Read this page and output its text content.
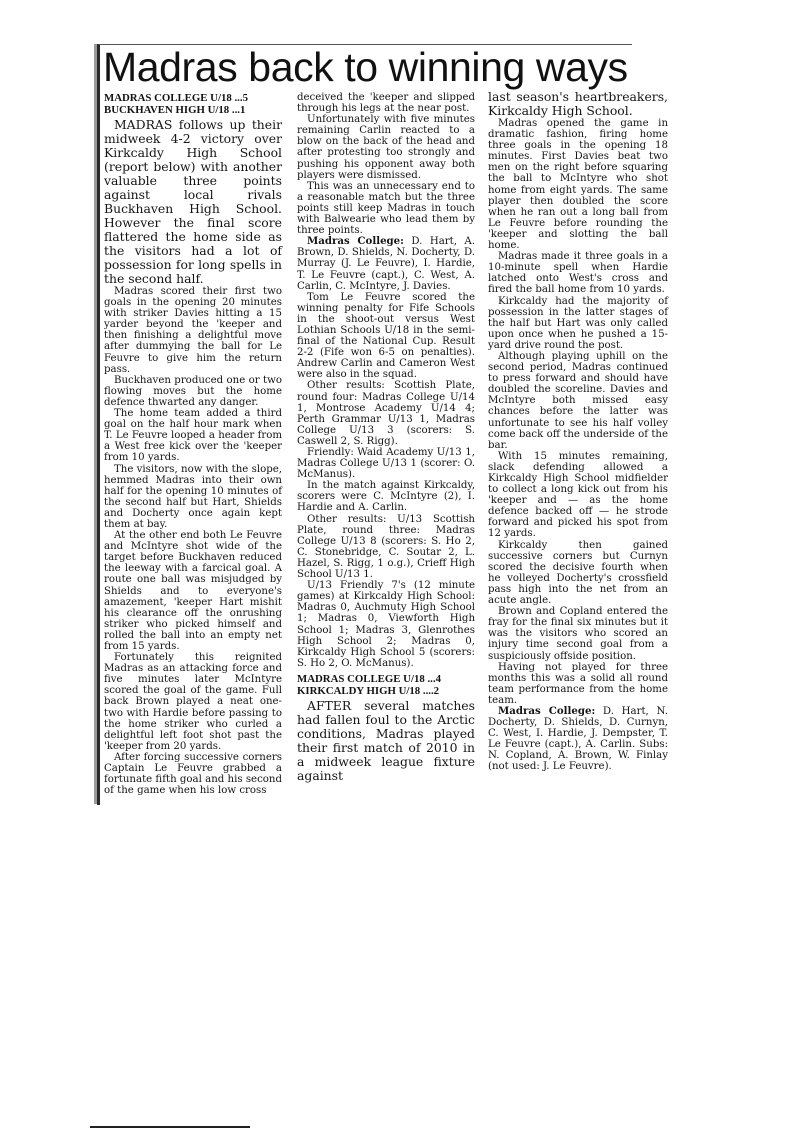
Madras back to winning ways
MADRAS COLLEGE U/18 ...5
BUCKHAVEN HIGH U/18 ...1

MADRAS follows up their midweek 4-2 victory over Kirkcaldy High School (report below) with another valuable three points against local rivals Buckhaven High School. However the final score flattered the home side as the visitors had a lot of possession for long spells in the second half.

Madras scored their first two goals in the opening 20 minutes with striker Davies hitting a 15 yarder beyond the 'keeper and then finishing a delightful move after dummying the ball for Le Feuvre to give him the return pass.

Buckhaven produced one or two flowing moves but the home defence thwarted any danger.

The home team added a third goal on the half hour mark when T. Le Feuvre looped a header from a West free kick over the 'keeper from 10 yards.

The visitors, now with the slope, hemmed Madras into their own half for the opening 10 minutes of the second half but Hart, Shields and Docherty once again kept them at bay.

At the other end both Le Feuvre and McIntyre shot wide of the target before Buckhaven reduced the leeway with a farcical goal. A route one ball was misjudged by Shields and to everyone's amazement, 'keeper Hart mishit his clearance off the onrushing striker who picked himself and rolled the ball into an empty net from 15 yards.

Fortunately this reignited Madras as an attacking force and five minutes later McIntyre scored the goal of the game. Full back Brown played a neat one-two with Hardie before passing to the home striker who curled a delightful left foot shot past the 'keeper from 20 yards.

After forcing successive corners Captain Le Feuvre grabbed a fortunate fifth goal and his second of the game when his low cross

deceived the 'keeper and slipped through his legs at the near post.

Unfortunately with five minutes remaining Carlin reacted to a blow on the back of the head and after protesting too strongly and pushing his opponent away both players were dismissed.

This was an unnecessary end to a reasonable match but the three points still keep Madras in touch with Balwearie who lead them by three points.

Madras College: D. Hart, A. Brown, D. Shields, N. Docherty, D. Murray (J. Le Feuvre), I. Hardie, T. Le Feuvre (capt.), C. West, A. Carlin, C. McIntyre, J. Davies.

Tom Le Feuvre scored the winning penalty for Fife Schools in the shoot-out versus West Lothian Schools U/18 in the semi-final of the National Cup. Result 2-2 (Fife won 6-5 on penalties). Andrew Carlin and Cameron West were also in the squad.

Other results: Scottish Plate, round four: Madras College U/14 1, Montrose Academy U/14 4; Perth Grammar U/13 1, Madras College U/13 3 (scorers: S. Caswell 2, S. Rigg).

Friendly: Waid Academy U/13 1, Madras College U/13 1 (scorer: O. McManus).

In the match against Kirkcaldy, scorers were C. McIntyre (2), I. Hardie and A. Carlin.

Other results: U/13 Scottish Plate, round three: Madras College U/13 8 (scorers: S. Ho 2, C. Stonebridge, C. Soutar 2, L. Hazel, S. Rigg, 1 o.g.), Crieff High School U/13 1.

U/13 Friendly 7's (12 minute games) at Kirkcaldy High School: Madras 0, Auchmuty High School 1; Madras 0, Viewforth High School 1; Madras 3, Glenrothes High School 2; Madras 0, Kirkcaldy High School 5 (scorers: S. Ho 2, O. McManus).

MADRAS COLLEGE U/18 ...4
KIRKCALDY HIGH U/18 ....2

AFTER several matches had fallen foul to the Arctic conditions, Madras played their first match of 2010 in a midweek league fixture against

last season's heartbreakers, Kirkcaldy High School.

Madras opened the game in dramatic fashion, firing home three goals in the opening 18 minutes. First Davies beat two men on the right before squaring the ball to McIntyre who shot home from eight yards. The same player then doubled the score when he ran out a long ball from Le Feuvre before rounding the 'keeper and slotting the ball home.

Madras made it three goals in a 10-minute spell when Hardie latched onto West's cross and fired the ball home from 10 yards.

Kirkcaldy had the majority of possession in the latter stages of the half but Hart was only called upon once when he pushed a 15-yard drive round the post.

Although playing uphill on the second period, Madras continued to press forward and should have doubled the scoreline. Davies and McIntyre both missed easy chances before the latter was unfortunate to see his half volley come back off the underside of the bar.

With 15 minutes remaining, slack defending allowed a Kirkcaldy High School midfielder to collect a long kick out from his 'keeper and — as the home defence backed off — he strode forward and picked his spot from 12 yards.

Kirkcaldy then gained successive corners but Curnyn scored the decisive fourth when he volleyed Docherty's crossfield pass high into the net from an acute angle.

Brown and Copland entered the fray for the final six minutes but it was the visitors who scored an injury time second goal from a suspiciously offside position.

Having not played for three months this was a solid all round team performance from the home team.

Madras College: D. Hart, N. Docherty, D. Shields, D. Curnyn, C. West, I. Hardie, J. Dempster, T. Le Feuvre (capt.), A. Carlin. Subs: N. Copland, A. Brown, W. Finlay (not used: J. Le Feuvre).
